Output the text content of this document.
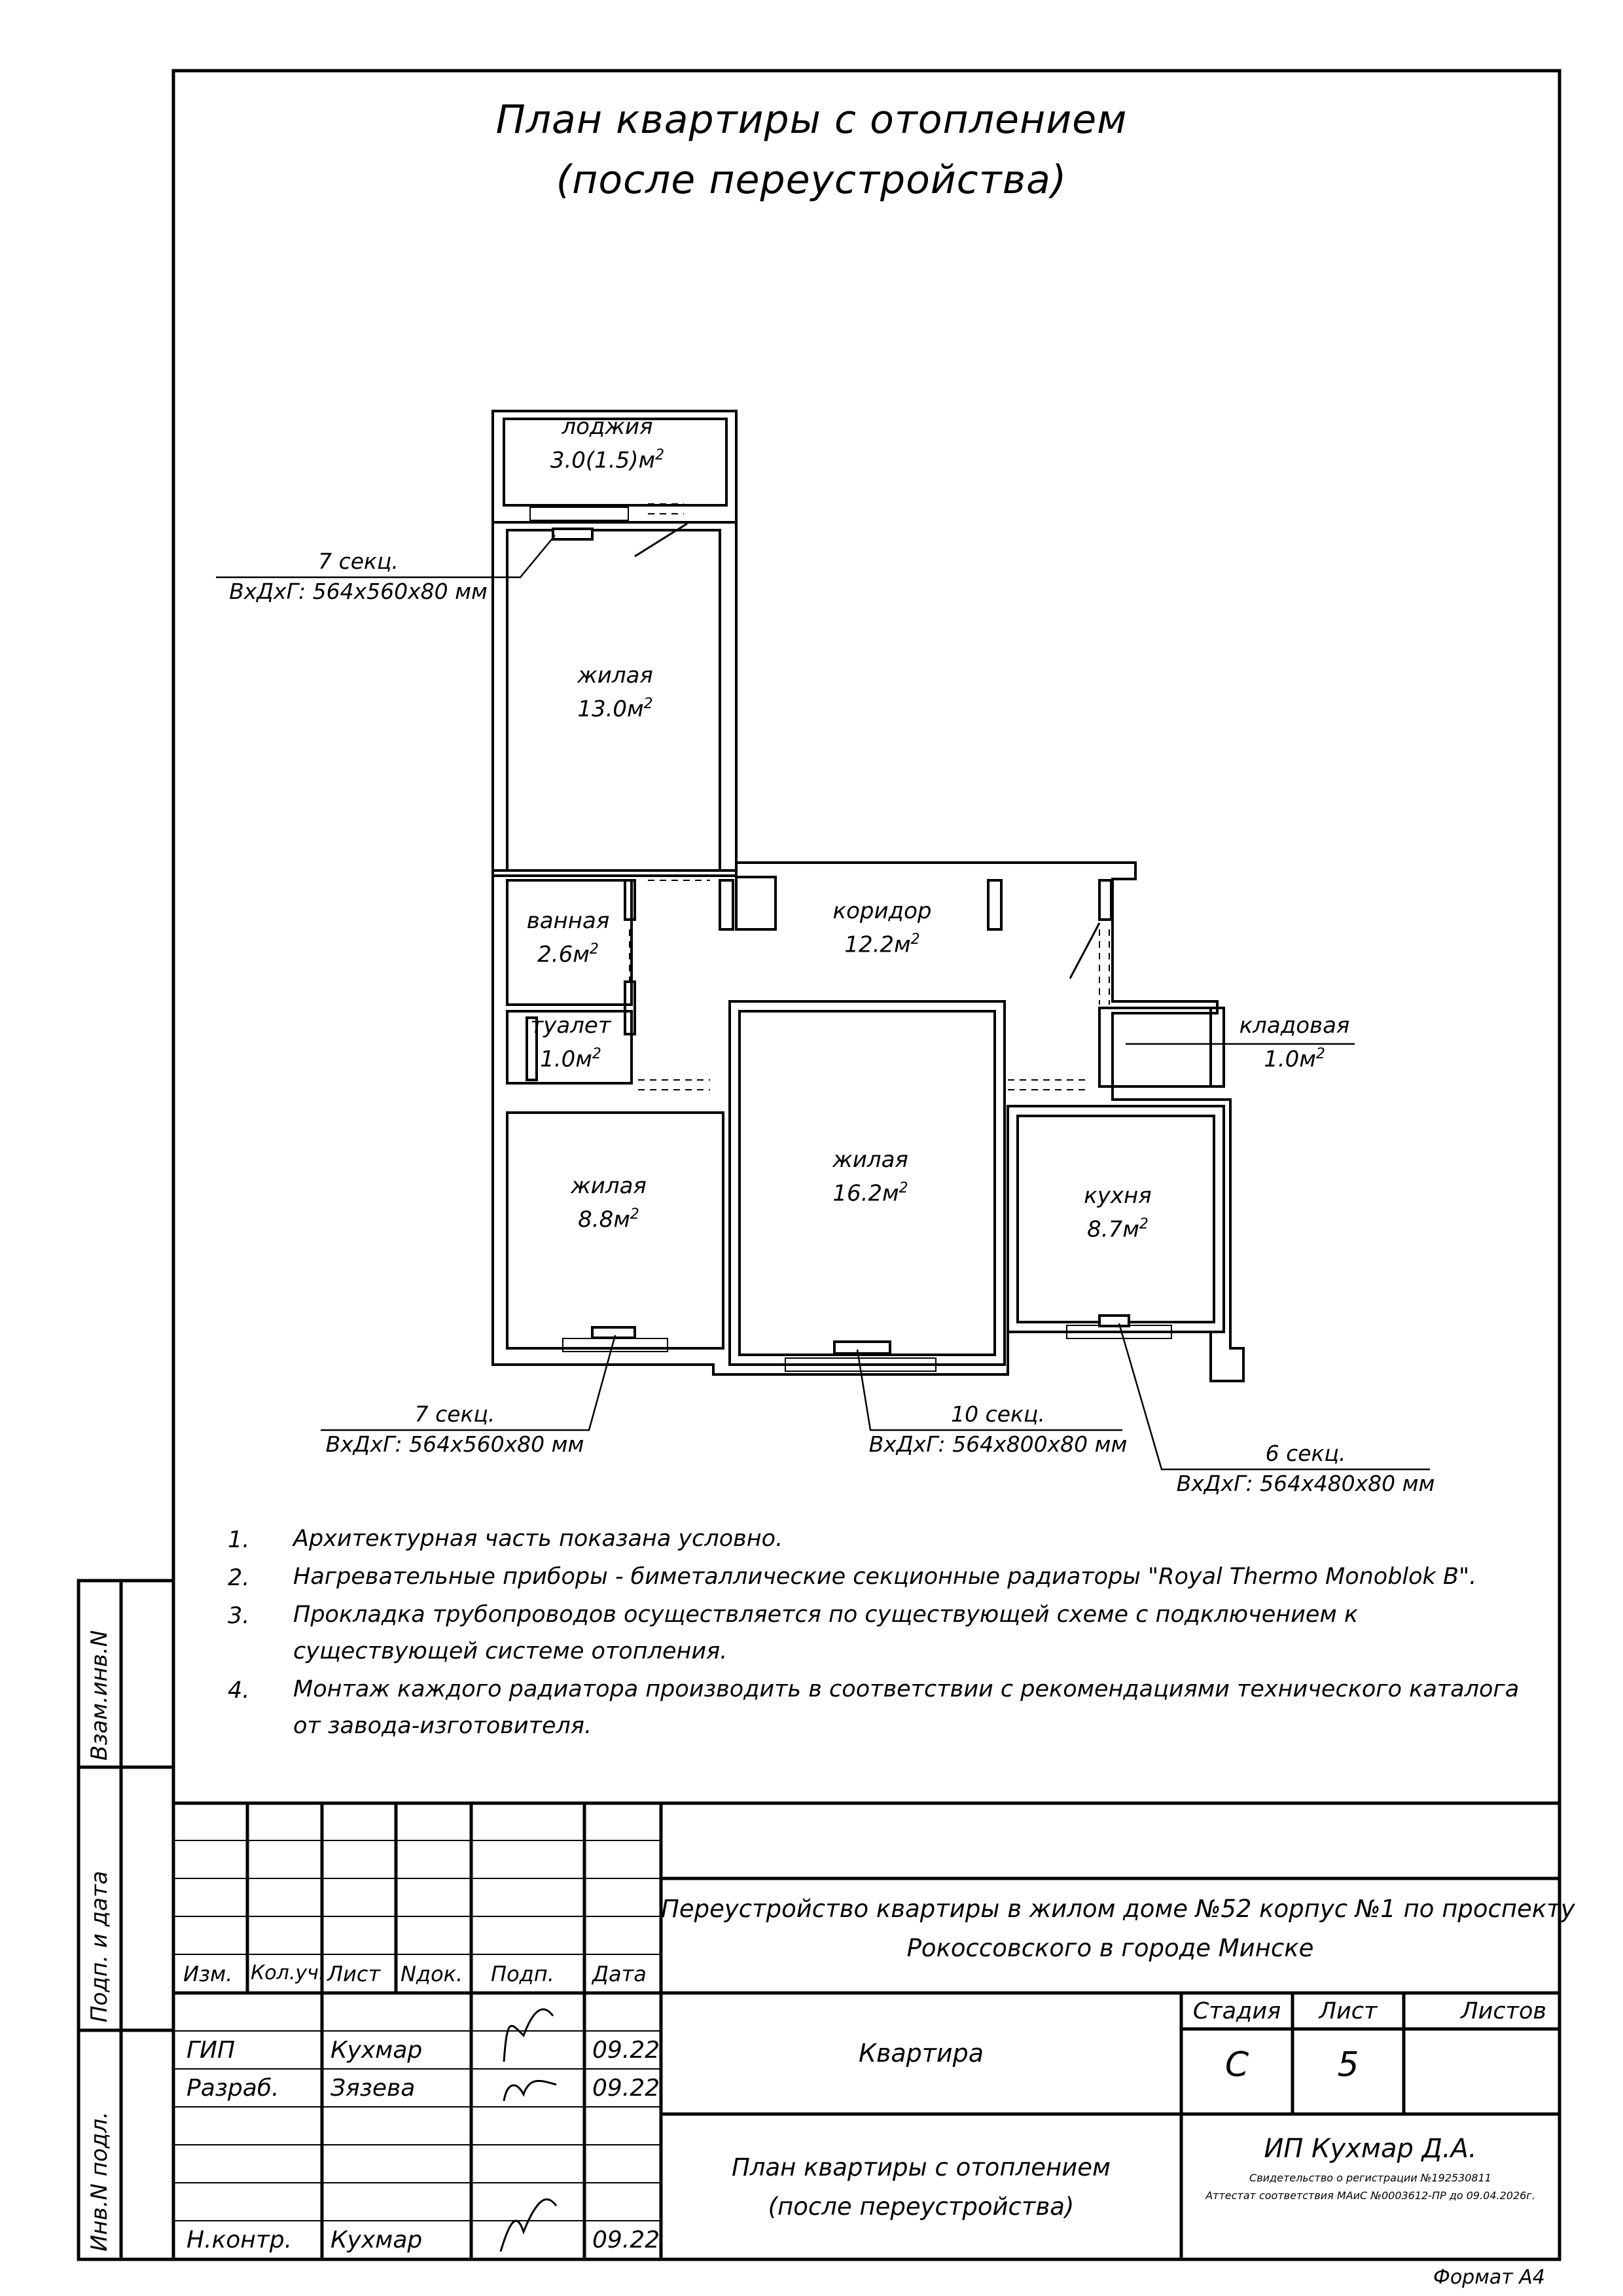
План квартиры с отоплением
(после переустройства)
лоджия
$3.0(1.5)м^2$
жилая
$13.0м^2$
ванная
$2.6м^2$
коридор
$12.2м^2$
туалет
$1.0м^2$
кладовая
$1.0м^2$
жилая
$8.8м^2$
жилая
$16.2м^2$	кухня
$8.7м^2$
7 секц.
ВхДхГ: 564х560х80 мм
7 секц.
ВхДхГ: 564х560х80 мм
10 секц.
ВхДхГ: 564х800х80 мм	6 секц.
ВхДхГ: 564х480х80 мм
1. Архитектурная часть показана условно.
2. Нагревательные приборы - биметаллические секционные радиаторы "Royal Thermo Monoblok B".
3. Прокладка трубопроводов осуществляется по существующей схеме с подключением к существующей системе отопления.
4. Монтаж каждого радиатора производить в соответствии с рекомендациями технического каталога от завода-изготовителя.
Взам.инв.N
Подп. и дата
Инв.N подл.
Изм. Кол.уч. Лист Nдок. Подп. Дата
ГИП	Кухмар	09.22
Разраб. Зязева	09.22
Н.контр. Кухмар	09.22
Переустройство квартиры в жилом доме №52 корпус №1 по проспекту
Рокоссовского в городе Минске
Квартира
План квартиры с отоплением
(после переустройства)
Стадия	Лист	Листов
С	5
ИП Кухмар Д.А.
Свидетельство о регистрации №192530811
Аттестат соответствия МАиС №0003612-ПР до 09.04.2026г.
Формат А4
